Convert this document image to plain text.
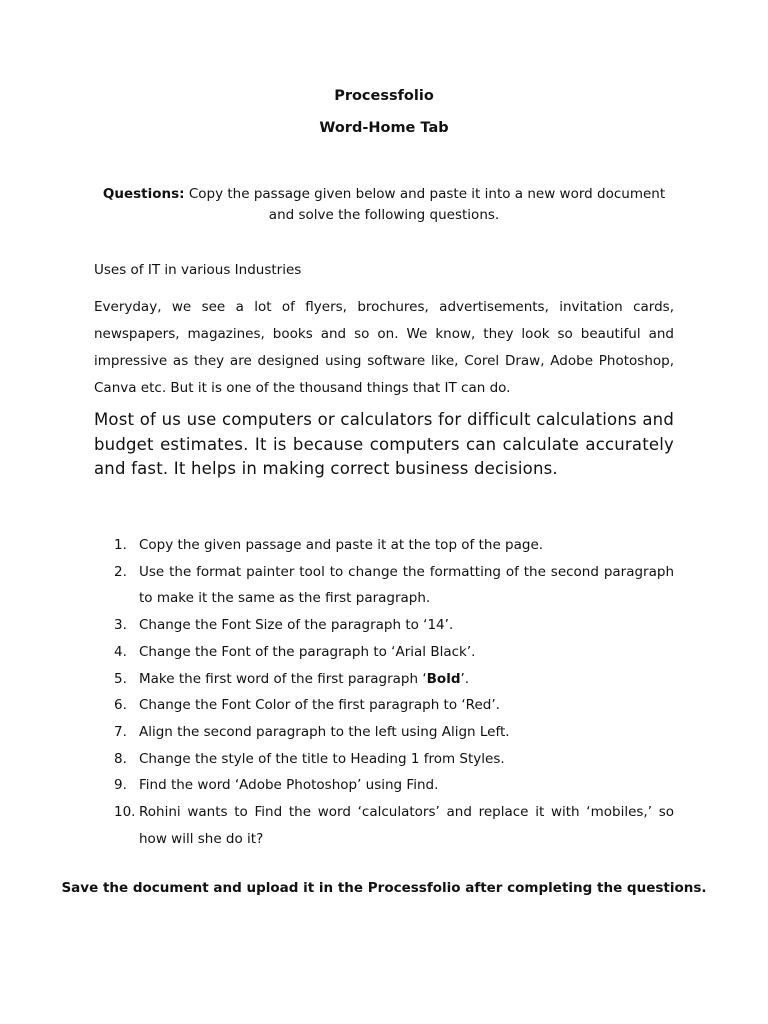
Processfolio
Word-Home Tab
Questions: Copy the passage given below and paste it into a new word document and solve the following questions.
Uses of IT in various Industries
Everyday, we see a lot of flyers, brochures, advertisements, invitation cards, newspapers, magazines, books and so on. We know, they look so beautiful and impressive as they are designed using software like, Corel Draw, Adobe Photoshop, Canva etc. But it is one of the thousand things that IT can do.
Most of us use computers or calculators for difficult calculations and budget estimates. It is because computers can calculate accurately and fast. It helps in making correct business decisions.
1. Copy the given passage and paste it at the top of the page.
2. Use the format painter tool to change the formatting of the second paragraph to make it the same as the first paragraph.
3. Change the Font Size of the paragraph to ‘14’.
4. Change the Font of the paragraph to ‘Arial Black’.
5. Make the first word of the first paragraph ‘Bold’.
6. Change the Font Color of the first paragraph to ‘Red’.
7. Align the second paragraph to the left using Align Left.
8. Change the style of the title to Heading 1 from Styles.
9. Find the word ‘Adobe Photoshop’ using Find.
10. Rohini wants to Find the word ‘calculators’ and replace it with ‘mobiles,’ so how will she do it?
Save the document and upload it in the Processfolio after completing the questions.
